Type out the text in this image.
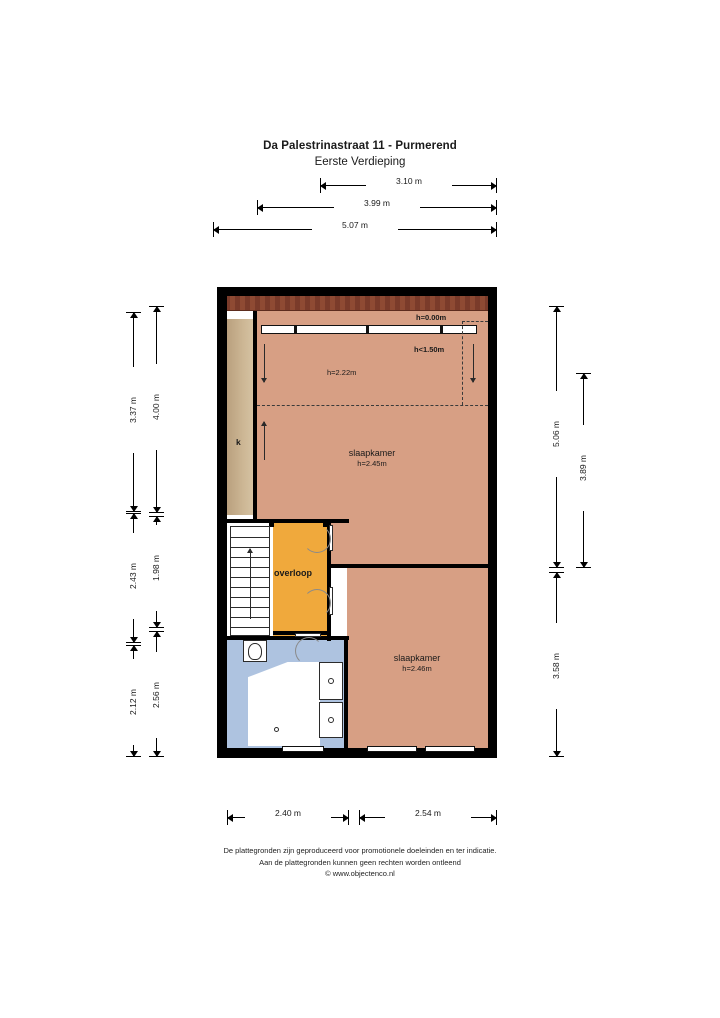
Da Palestrinastraat 11 - Purmerend
Eerste Verdieping
3.10 m
3.99 m
5.07 m
2.40 m	2.54 m
3.37 m
2.43 m
2.12 m
4.00 m
1.98 m
2.56 m
5.06 m
3.58 m
3.89 m
h=0.00m
h<1.50m
h=2.22m
slaapkamer
h=2.45m
slaapkamer
h=2.46m
overloop
k
De plattegronden zijn geproduceerd voor promotionele doeleinden en ter indicatie.
Aan de plattegronden kunnen geen rechten worden ontleend
© www.objectenco.nl
